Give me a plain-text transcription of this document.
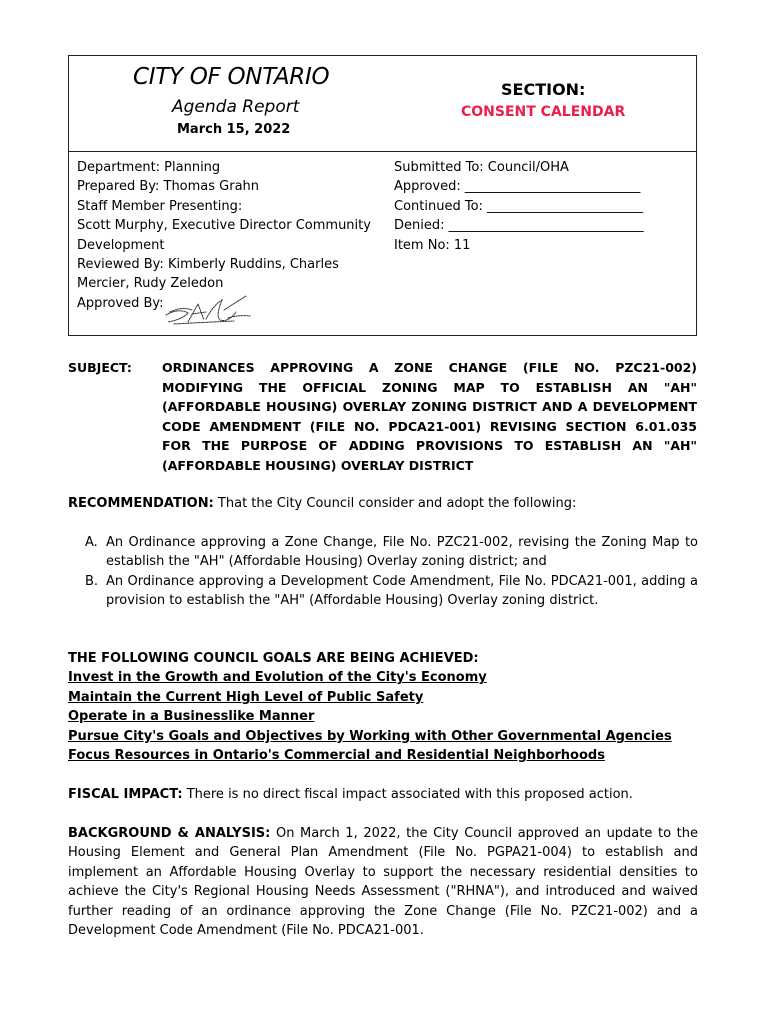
CITY OF ONTARIO
Agenda Report
March 15, 2022
SECTION:
CONSENT CALENDAR
Department: Planning
Prepared By: Thomas Grahn
Staff Member Presenting:
Scott Murphy, Executive Director Community
Development
Reviewed By: Kimberly Ruddins, Charles
Mercier, Rudy Zeledon
Approved By:
Submitted To: Council/OHA
Approved: ___________________________
Continued To: ________________________
Denied: ______________________________
Item No: 11
SUBJECT: ORDINANCES APPROVING A ZONE CHANGE (FILE NO. PZC21-002) MODIFYING THE OFFICIAL ZONING MAP TO ESTABLISH AN "AH" (AFFORDABLE HOUSING) OVERLAY ZONING DISTRICT AND A DEVELOPMENT CODE AMENDMENT (FILE NO. PDCA21-001) REVISING SECTION 6.01.035 FOR THE PURPOSE OF ADDING PROVISIONS TO ESTABLISH AN "AH" (AFFORDABLE HOUSING) OVERLAY DISTRICT
RECOMMENDATION: That the City Council consider and adopt the following:
A. An Ordinance approving a Zone Change, File No. PZC21-002, revising the Zoning Map to establish the "AH" (Affordable Housing) Overlay zoning district; and
B. An Ordinance approving a Development Code Amendment, File No. PDCA21-001, adding a provision to establish the "AH" (Affordable Housing) Overlay zoning district.
THE FOLLOWING COUNCIL GOALS ARE BEING ACHIEVED:
Invest in the Growth and Evolution of the City's Economy
Maintain the Current High Level of Public Safety
Operate in a Businesslike Manner
Pursue City's Goals and Objectives by Working with Other Governmental Agencies
Focus Resources in Ontario's Commercial and Residential Neighborhoods
FISCAL IMPACT: There is no direct fiscal impact associated with this proposed action.
BACKGROUND & ANALYSIS: On March 1, 2022, the City Council approved an update to the Housing Element and General Plan Amendment (File No. PGPA21-004) to establish and implement an Affordable Housing Overlay to support the necessary residential densities to achieve the City's Regional Housing Needs Assessment ("RHNA"), and introduced and waived further reading of an ordinance approving the Zone Change (File No. PZC21-002) and a Development Code Amendment (File No. PDCA21-001.
